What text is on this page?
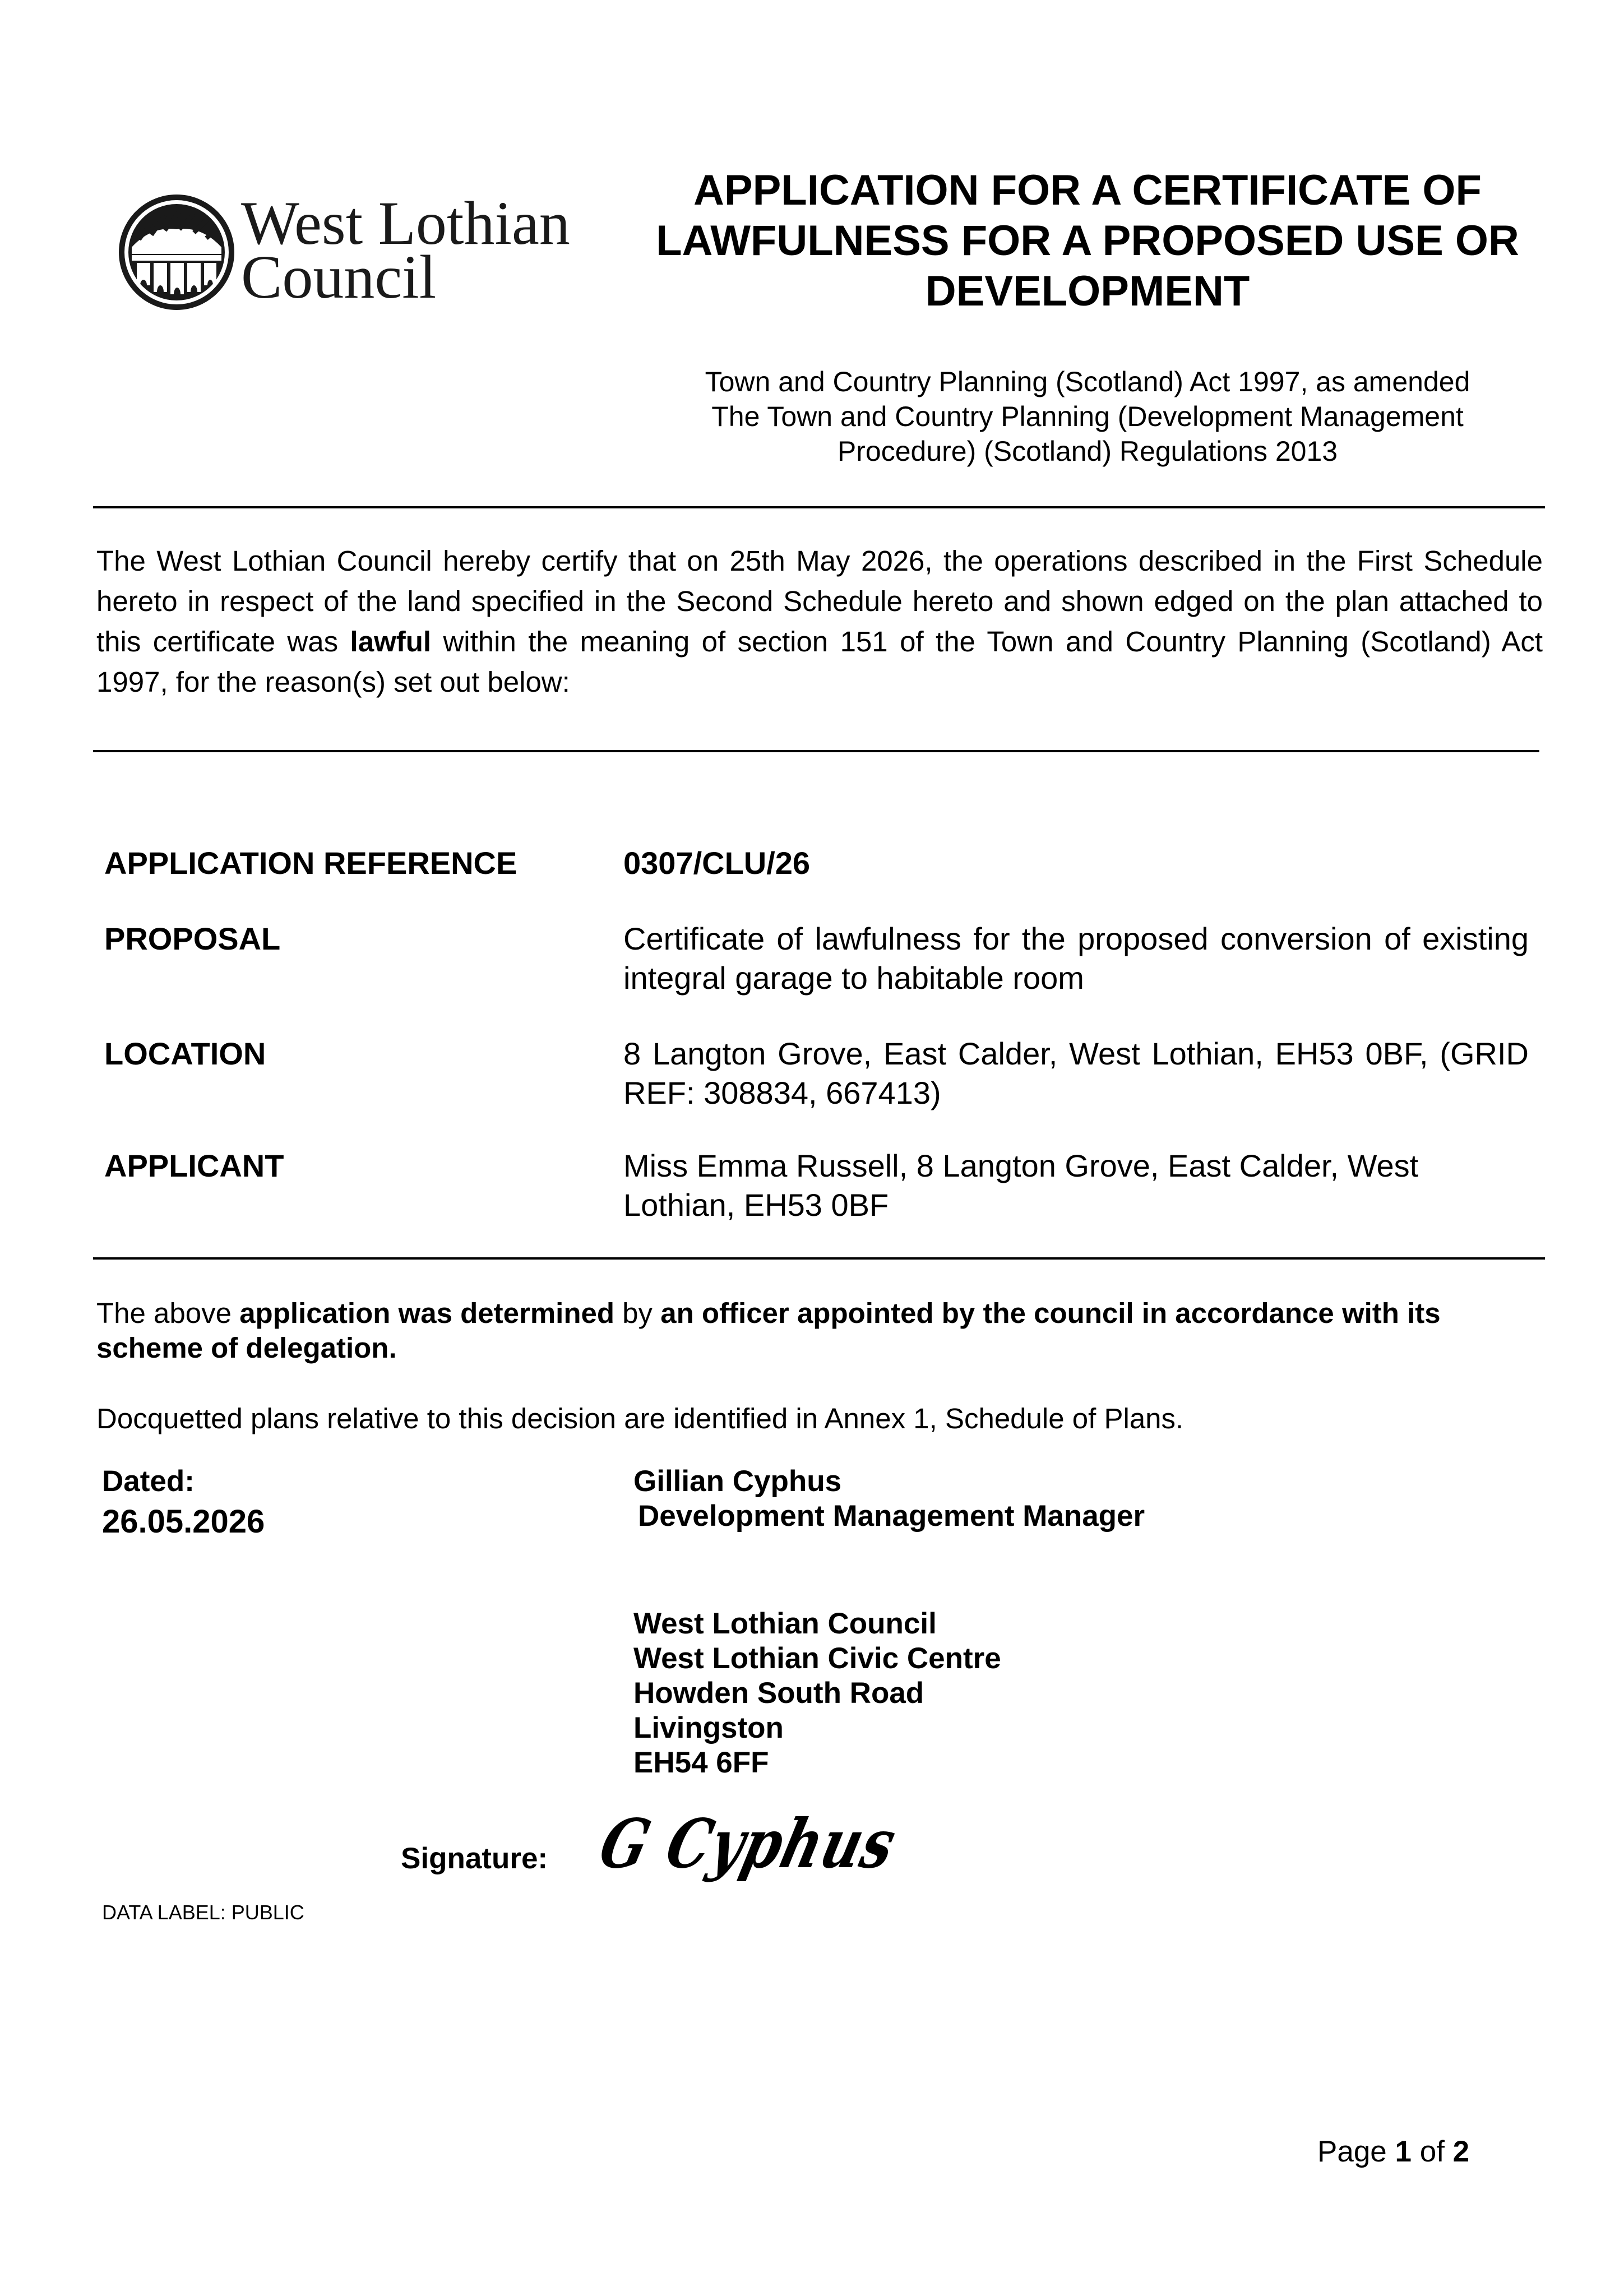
West Lothian
Council
APPLICATION FOR A CERTIFICATE OF
LAWFULNESS FOR A PROPOSED USE OR
DEVELOPMENT
Town and Country Planning (Scotland) Act 1997, as amended
The Town and Country Planning (Development Management
Procedure) (Scotland) Regulations 2013
The West Lothian Council hereby certify that on 25th May 2026, the operations described in the First Schedule hereto in respect of the land specified in the Second Schedule hereto and shown edged on the plan attached to this certificate was lawful within the meaning of section 151 of the Town and Country Planning (Scotland) Act 1997, for the reason(s) set out below:
APPLICATION REFERENCE	0307/CLU/26
PROPOSAL	Certificate of lawfulness for the proposed conversion of existing integral garage to habitable room
LOCATION	8 Langton Grove, East Calder, West Lothian, EH53 0BF, (GRID REF: 308834, 667413)
APPLICANT	Miss Emma Russell, 8 Langton Grove, East Calder, West
Lothian, EH53 0BF
The above application was determined by an officer appointed by the council in accordance with its scheme of delegation.
Docquetted plans relative to this decision are identified in Annex 1, Schedule of Plans.
Dated:
26.05.2026
Gillian Cyphus
Development Management Manager
West Lothian Council
West Lothian Civic Centre
Howden South Road
Livingston
EH54 6FF
Signature: G Cyphus
DATA LABEL: PUBLIC
Page 1 of 2
